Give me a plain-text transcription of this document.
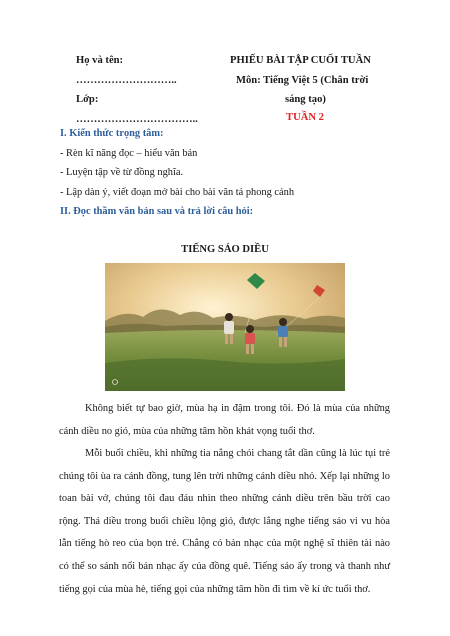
Họ và tên:
………………………..
Lớp:
……………………………..
PHIẾU BÀI TẬP CUỐI TUẦN
Môn: Tiếng Việt 5 (Chân trời
sáng tạo)
TUẦN 2
I. Kiến thức trọng tâm:
- Rèn kĩ năng đọc – hiểu văn bản
- Luyện tập về từ đồng nghĩa.
- Lập dàn ý, viết đoạn mở bài cho bài văn tả phong cảnh
II. Đọc thầm văn bản sau và trả lời câu hỏi:
TIẾNG SÁO DIỀU

Không biết tự bao giờ, mùa hạ in đậm trong tôi. Đó là mùa của những cánh diều no gió, mùa của những tâm hồn khát vọng tuổi thơ.

Mỗi buổi chiều, khi những tia nắng chói chang tắt dần cũng là lúc tụi trẻ chúng tôi ùa ra cánh đồng, tung lên trời những cánh diều nhỏ. Xếp lại những lo toan bài vở, chúng tôi đau đáu nhìn theo những cánh diều trên bầu trời cao rộng. Thả diều trong buổi chiều lộng gió, được lắng nghe tiếng sáo vi vu hòa lẫn tiếng hò reo của bọn trẻ. Chẳng có bản nhạc của một nghệ sĩ thiên tài nào có thể so sánh nổi bản nhạc ấy của đồng quê. Tiếng sáo ấy trong và thanh như tiếng gọi của mùa hè, tiếng gọi của những tâm hồn đi tìm về kí ức tuổi thơ.
